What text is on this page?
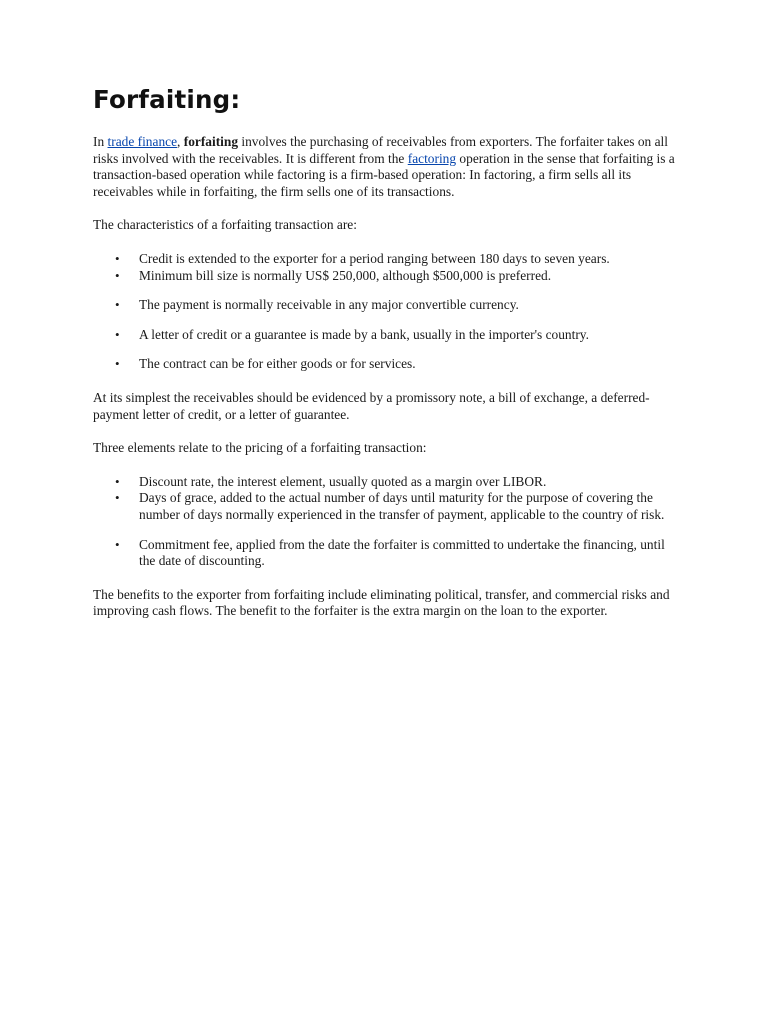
Forfaiting:

In trade finance, forfaiting involves the purchasing of receivables from exporters. The forfaiter takes on all risks involved with the receivables. It is different from the factoring operation in the sense that forfaiting is a transaction-based operation while factoring is a firm-based operation: In factoring, a firm sells all its receivables while in forfaiting, the firm sells one of its transactions.

The characteristics of a forfaiting transaction are:

• Credit is extended to the exporter for a period ranging between 180 days to seven years.
• Minimum bill size is normally US$ 250,000, although $500,000 is preferred.
• The payment is normally receivable in any major convertible currency.
• A letter of credit or a guarantee is made by a bank, usually in the importer's country.
• The contract can be for either goods or for services.

At its simplest the receivables should be evidenced by a promissory note, a bill of exchange, a deferred-payment letter of credit, or a letter of guarantee.

Three elements relate to the pricing of a forfaiting transaction:

• Discount rate, the interest element, usually quoted as a margin over LIBOR.
• Days of grace, added to the actual number of days until maturity for the purpose of covering the number of days normally experienced in the transfer of payment, applicable to the country of risk.
• Commitment fee, applied from the date the forfaiter is committed to undertake the financing, until the date of discounting.

The benefits to the exporter from forfaiting include eliminating political, transfer, and commercial risks and improving cash flows. The benefit to the forfaiter is the extra margin on the loan to the exporter.
